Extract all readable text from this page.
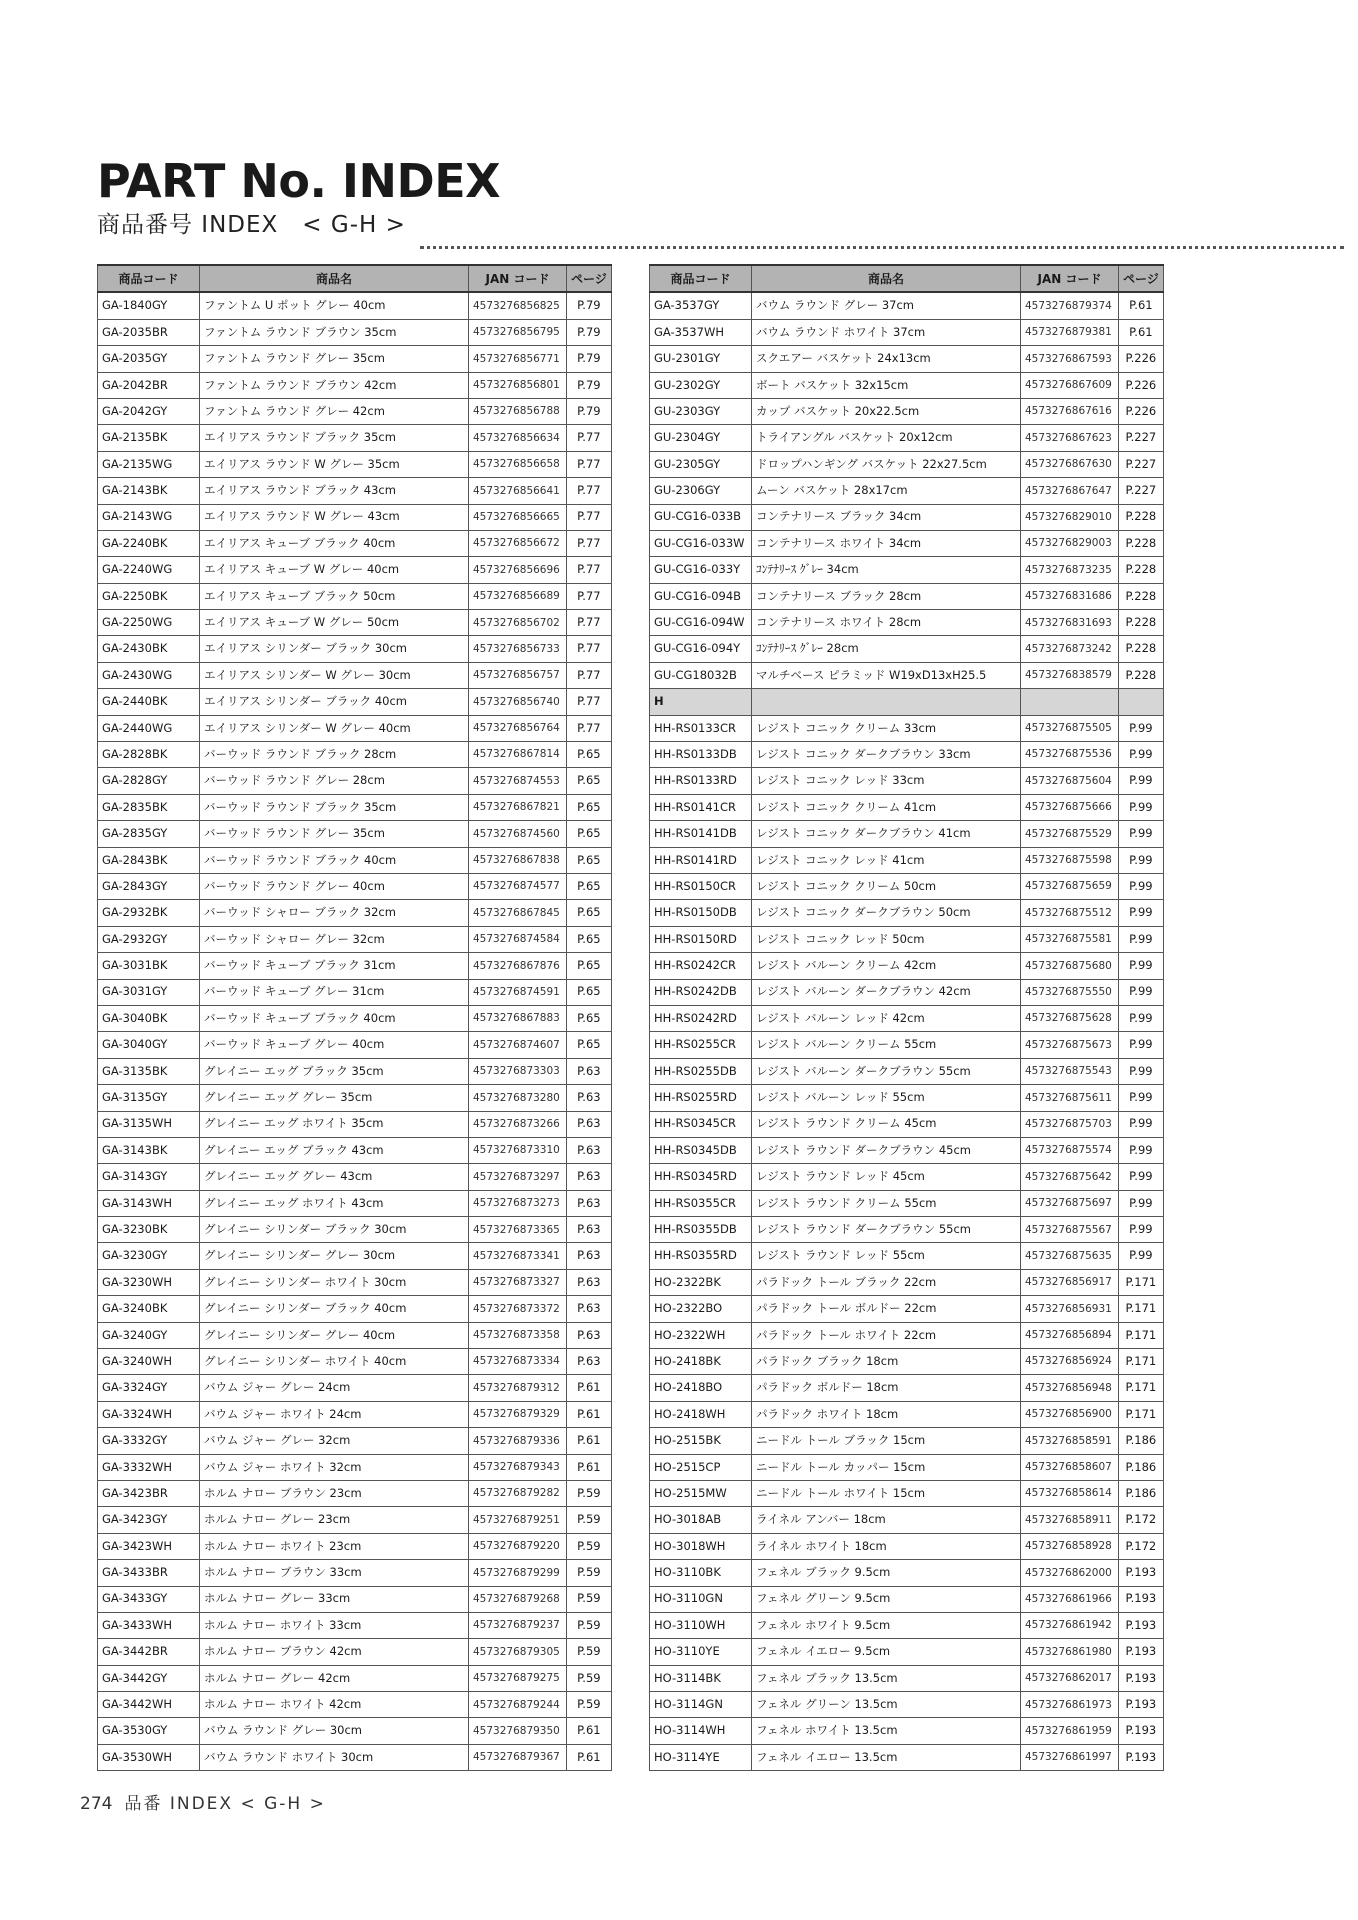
PART No. INDEX
商品番号 INDEX　< G-H >
商品コード	商品名	JAN コード	ページ
GA-1840GY	ファントム U ポット グレー 40cm	4573276856825	P.79
GA-2035BR	ファントム ラウンド ブラウン 35cm	4573276856795	P.79
GA-2035GY	ファントム ラウンド グレー 35cm	4573276856771	P.79
GA-2042BR	ファントム ラウンド ブラウン 42cm	4573276856801	P.79
GA-2042GY	ファントム ラウンド グレー 42cm	4573276856788	P.79
GA-2135BK	エイリアス ラウンド ブラック 35cm	4573276856634	P.77
GA-2135WG	エイリアス ラウンド W グレー 35cm	4573276856658	P.77
GA-2143BK	エイリアス ラウンド ブラック 43cm	4573276856641	P.77
GA-2143WG	エイリアス ラウンド W グレー 43cm	4573276856665	P.77
GA-2240BK	エイリアス キューブ ブラック 40cm	4573276856672	P.77
GA-2240WG	エイリアス キューブ W グレー 40cm	4573276856696	P.77
GA-2250BK	エイリアス キューブ ブラック 50cm	4573276856689	P.77
GA-2250WG	エイリアス キューブ W グレー 50cm	4573276856702	P.77
GA-2430BK	エイリアス シリンダー ブラック 30cm	4573276856733	P.77
GA-2430WG	エイリアス シリンダー W グレー 30cm	4573276856757	P.77
GA-2440BK	エイリアス シリンダー ブラック 40cm	4573276856740	P.77
GA-2440WG	エイリアス シリンダー W グレー 40cm	4573276856764	P.77
GA-2828BK	バーウッド ラウンド ブラック 28cm	4573276867814	P.65
GA-2828GY	バーウッド ラウンド グレー 28cm	4573276874553	P.65
GA-2835BK	バーウッド ラウンド ブラック 35cm	4573276867821	P.65
GA-2835GY	バーウッド ラウンド グレー 35cm	4573276874560	P.65
GA-2843BK	バーウッド ラウンド ブラック 40cm	4573276867838	P.65
GA-2843GY	バーウッド ラウンド グレー 40cm	4573276874577	P.65
GA-2932BK	バーウッド シャロー ブラック 32cm	4573276867845	P.65
GA-2932GY	バーウッド シャロー グレー 32cm	4573276874584	P.65
GA-3031BK	バーウッド キューブ ブラック 31cm	4573276867876	P.65
GA-3031GY	バーウッド キューブ グレー 31cm	4573276874591	P.65
GA-3040BK	バーウッド キューブ ブラック 40cm	4573276867883	P.65
GA-3040GY	バーウッド キューブ グレー 40cm	4573276874607	P.65
GA-3135BK	グレイニー エッグ ブラック 35cm	4573276873303	P.63
GA-3135GY	グレイニー エッグ グレー 35cm	4573276873280	P.63
GA-3135WH	グレイニー エッグ ホワイト 35cm	4573276873266	P.63
GA-3143BK	グレイニー エッグ ブラック 43cm	4573276873310	P.63
GA-3143GY	グレイニー エッグ グレー 43cm	4573276873297	P.63
GA-3143WH	グレイニー エッグ ホワイト 43cm	4573276873273	P.63
GA-3230BK	グレイニー シリンダー ブラック 30cm	4573276873365	P.63
GA-3230GY	グレイニー シリンダー グレー 30cm	4573276873341	P.63
GA-3230WH	グレイニー シリンダー ホワイト 30cm	4573276873327	P.63
GA-3240BK	グレイニー シリンダー ブラック 40cm	4573276873372	P.63
GA-3240GY	グレイニー シリンダー グレー 40cm	4573276873358	P.63
GA-3240WH	グレイニー シリンダー ホワイト 40cm	4573276873334	P.63
GA-3324GY	バウム ジャー グレー 24cm	4573276879312	P.61
GA-3324WH	バウム ジャー ホワイト 24cm	4573276879329	P.61
GA-3332GY	バウム ジャー グレー 32cm	4573276879336	P.61
GA-3332WH	バウム ジャー ホワイト 32cm	4573276879343	P.61
GA-3423BR	ホルム ナロー ブラウン 23cm	4573276879282	P.59
GA-3423GY	ホルム ナロー グレー 23cm	4573276879251	P.59
GA-3423WH	ホルム ナロー ホワイト 23cm	4573276879220	P.59
GA-3433BR	ホルム ナロー ブラウン 33cm	4573276879299	P.59
GA-3433GY	ホルム ナロー グレー 33cm	4573276879268	P.59
GA-3433WH	ホルム ナロー ホワイト 33cm	4573276879237	P.59
GA-3442BR	ホルム ナロー ブラウン 42cm	4573276879305	P.59
GA-3442GY	ホルム ナロー グレー 42cm	4573276879275	P.59
GA-3442WH	ホルム ナロー ホワイト 42cm	4573276879244	P.59
GA-3530GY	バウム ラウンド グレー 30cm	4573276879350	P.61
GA-3530WH	バウム ラウンド ホワイト 30cm	4573276879367	P.61
商品コード	商品名	JAN コード	ページ
GA-3537GY	バウム ラウンド グレー 37cm	4573276879374	P.61
GA-3537WH	バウム ラウンド ホワイト 37cm	4573276879381	P.61
GU-2301GY	スクエアー バスケット 24x13cm	4573276867593	P.226
GU-2302GY	ボート バスケット 32x15cm	4573276867609	P.226
GU-2303GY	カップ バスケット 20x22.5cm	4573276867616	P.226
GU-2304GY	トライアングル バスケット 20x12cm	4573276867623	P.227
GU-2305GY	ドロップハンギング バスケット 22x27.5cm	4573276867630	P.227
GU-2306GY	ムーン バスケット 28x17cm	4573276867647	P.227
GU-CG16-033B	コンテナリース ブラック 34cm	4573276829010	P.228
GU-CG16-033W	コンテナリース ホワイト 34cm	4573276829003	P.228
GU-CG16-033Y	ｺﾝﾃﾅﾘｰｽ ｸﾞﾚｰ 34cm	4573276873235	P.228
GU-CG16-094B	コンテナリース ブラック 28cm	4573276831686	P.228
GU-CG16-094W	コンテナリース ホワイト 28cm	4573276831693	P.228
GU-CG16-094Y	ｺﾝﾃﾅﾘｰｽ ｸﾞﾚｰ 28cm	4573276873242	P.228
GU-CG18032B	マルチベース ピラミッド W19xD13xH25.5	4573276838579	P.228
H			
HH-RS0133CR	レジスト コニック クリーム 33cm	4573276875505	P.99
HH-RS0133DB	レジスト コニック ダークブラウン 33cm	4573276875536	P.99
HH-RS0133RD	レジスト コニック レッド 33cm	4573276875604	P.99
HH-RS0141CR	レジスト コニック クリーム 41cm	4573276875666	P.99
HH-RS0141DB	レジスト コニック ダークブラウン 41cm	4573276875529	P.99
HH-RS0141RD	レジスト コニック レッド 41cm	4573276875598	P.99
HH-RS0150CR	レジスト コニック クリーム 50cm	4573276875659	P.99
HH-RS0150DB	レジスト コニック ダークブラウン 50cm	4573276875512	P.99
HH-RS0150RD	レジスト コニック レッド 50cm	4573276875581	P.99
HH-RS0242CR	レジスト バルーン クリーム 42cm	4573276875680	P.99
HH-RS0242DB	レジスト バルーン ダークブラウン 42cm	4573276875550	P.99
HH-RS0242RD	レジスト バルーン レッド 42cm	4573276875628	P.99
HH-RS0255CR	レジスト バルーン クリーム 55cm	4573276875673	P.99
HH-RS0255DB	レジスト バルーン ダークブラウン 55cm	4573276875543	P.99
HH-RS0255RD	レジスト バルーン レッド 55cm	4573276875611	P.99
HH-RS0345CR	レジスト ラウンド クリーム 45cm	4573276875703	P.99
HH-RS0345DB	レジスト ラウンド ダークブラウン 45cm	4573276875574	P.99
HH-RS0345RD	レジスト ラウンド レッド 45cm	4573276875642	P.99
HH-RS0355CR	レジスト ラウンド クリーム 55cm	4573276875697	P.99
HH-RS0355DB	レジスト ラウンド ダークブラウン 55cm	4573276875567	P.99
HH-RS0355RD	レジスト ラウンド レッド 55cm	4573276875635	P.99
HO-2322BK	パラドック トール ブラック 22cm	4573276856917	P.171
HO-2322BO	パラドック トール ボルドー 22cm	4573276856931	P.171
HO-2322WH	パラドック トール ホワイト 22cm	4573276856894	P.171
HO-2418BK	パラドック ブラック 18cm	4573276856924	P.171
HO-2418BO	パラドック ボルドー 18cm	4573276856948	P.171
HO-2418WH	パラドック ホワイト 18cm	4573276856900	P.171
HO-2515BK	ニードル トール ブラック 15cm	4573276858591	P.186
HO-2515CP	ニードル トール カッパー 15cm	4573276858607	P.186
HO-2515MW	ニードル トール ホワイト 15cm	4573276858614	P.186
HO-3018AB	ライネル アンバー 18cm	4573276858911	P.172
HO-3018WH	ライネル ホワイト 18cm	4573276858928	P.172
HO-3110BK	フェネル ブラック 9.5cm	4573276862000	P.193
HO-3110GN	フェネル グリーン 9.5cm	4573276861966	P.193
HO-3110WH	フェネル ホワイト 9.5cm	4573276861942	P.193
HO-3110YE	フェネル イエロー 9.5cm	4573276861980	P.193
HO-3114BK	フェネル ブラック 13.5cm	4573276862017	P.193
HO-3114GN	フェネル グリーン 13.5cm	4573276861973	P.193
HO-3114WH	フェネル ホワイト 13.5cm	4573276861959	P.193
HO-3114YE	フェネル イエロー 13.5cm	4573276861997	P.193
274 品番 INDEX < G-H >
